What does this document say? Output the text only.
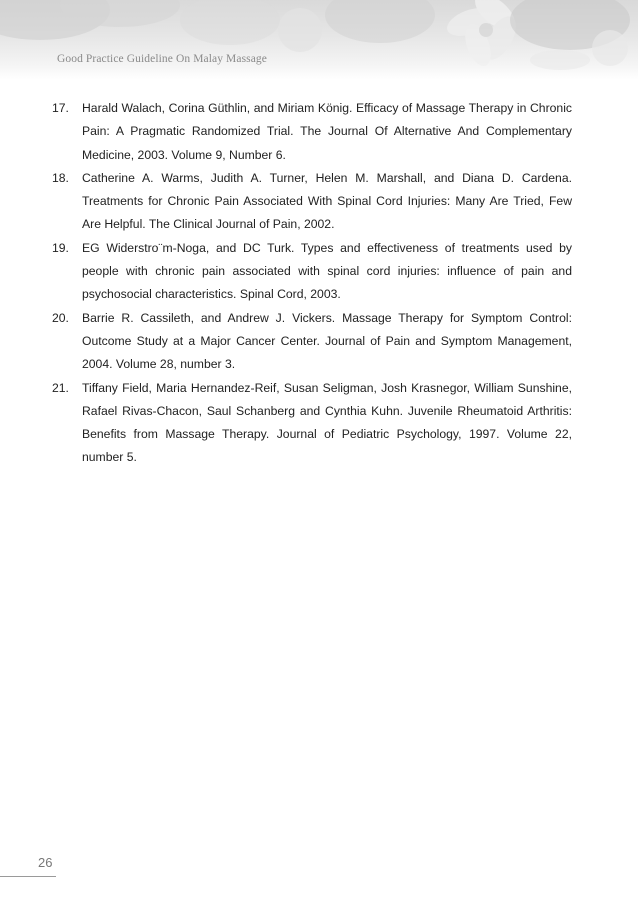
Good Practice Guideline On Malay Massage
17. Harald Walach, Corina Güthlin, and Miriam König. Efficacy of Massage Therapy in Chronic Pain: A Pragmatic Randomized Trial. The Journal Of Alternative And Complementary Medicine, 2003. Volume 9, Number 6.
18. Catherine A. Warms, Judith A. Turner, Helen M. Marshall, and Diana D. Cardena. Treatments for Chronic Pain Associated With Spinal Cord Injuries: Many Are Tried, Few Are Helpful. The Clinical Journal of Pain, 2002.
19. EG Widerstro¨m-Noga, and DC Turk. Types and effectiveness of treatments used by people with chronic pain associated with spinal cord injuries: influence of pain and psychosocial characteristics. Spinal Cord, 2003.
20. Barrie R. Cassileth, and Andrew J. Vickers. Massage Therapy for Symptom Control: Outcome Study at a Major Cancer Center. Journal of Pain and Symptom Management, 2004. Volume 28, number 3.
21. Tiffany Field, Maria Hernandez-Reif, Susan Seligman, Josh Krasnegor, William Sunshine, Rafael Rivas-Chacon, Saul Schanberg and Cynthia Kuhn. Juvenile Rheumatoid Arthritis: Benefits from Massage Therapy. Journal of Pediatric Psychology, 1997. Volume 22, number 5.
26
